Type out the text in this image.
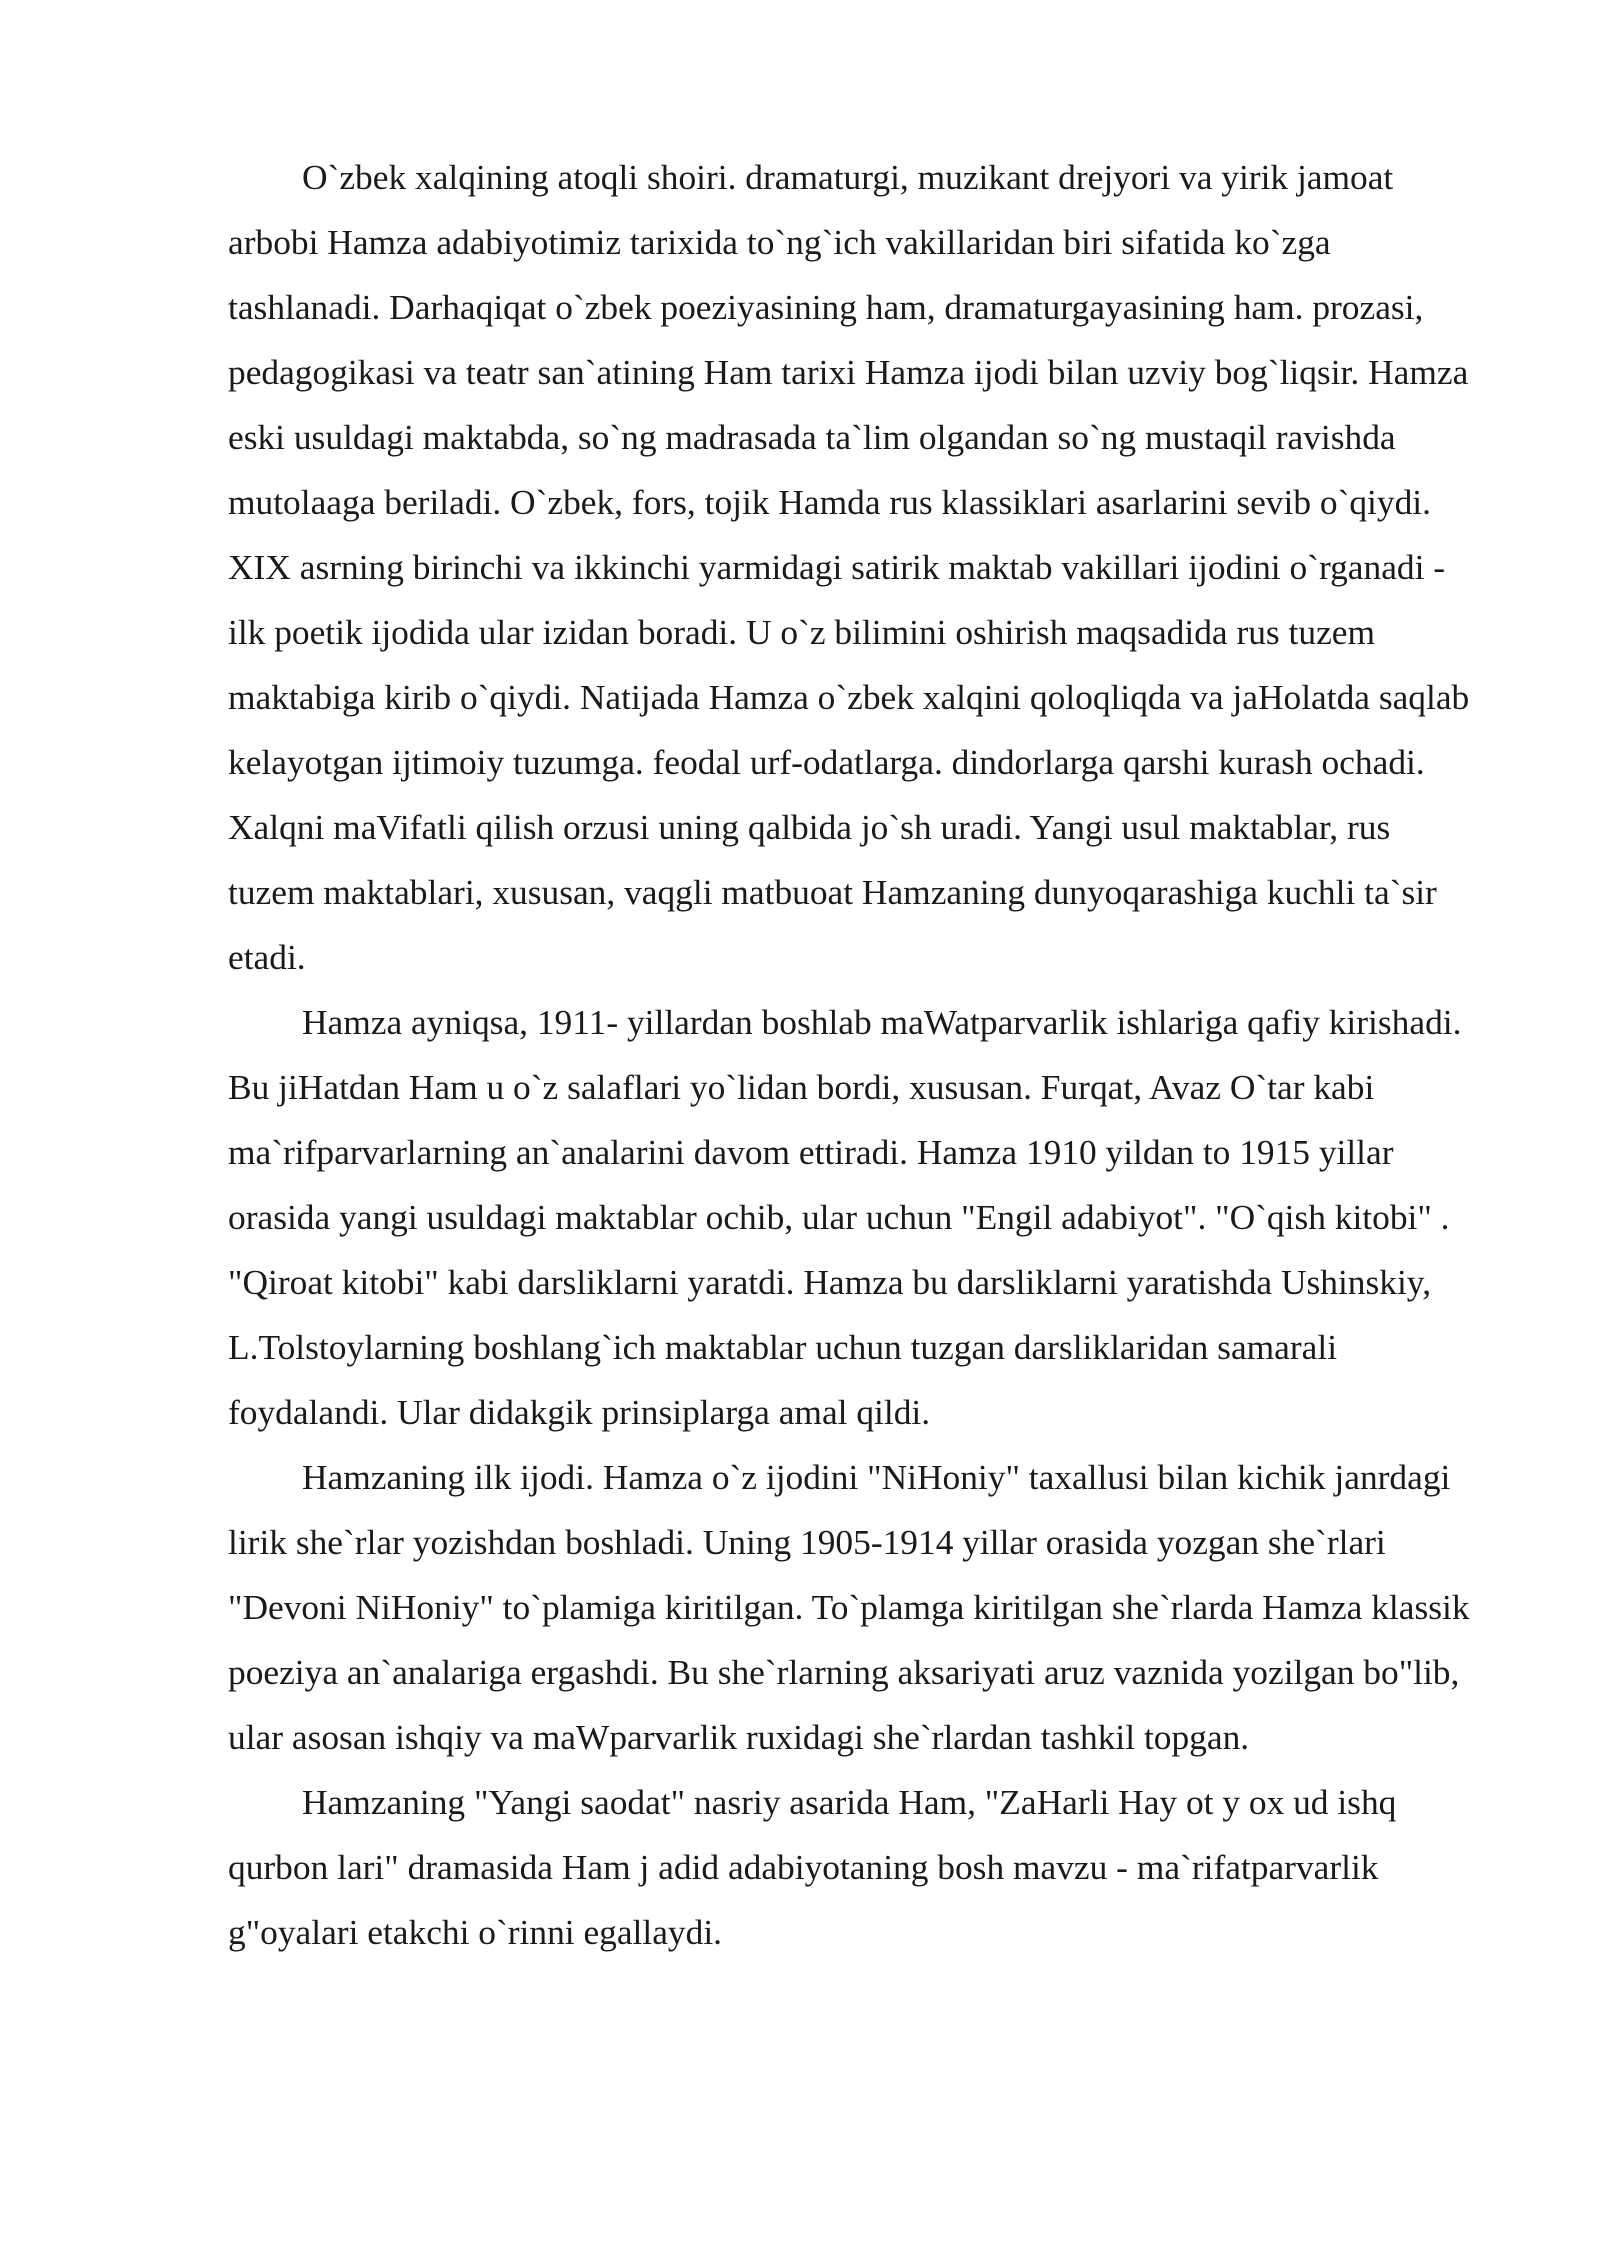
O`zbek xalqining atoqli shoiri. dramaturgi, muzikant drejyori va yirik jamoat arbobi Hamza adabiyotimiz tarixida to`ng`ich vakillaridan biri sifatida ko`zga tashlanadi. Darhaqiqat o`zbek poeziyasining ham, dramaturgayasining ham. prozasi, pedagogikasi va teatr san`atining Ham tarixi Hamza ijodi bilan uzviy bog`liqsir. Hamza eski usuldagi maktabda, so`ng madrasada ta`lim olgandan so`ng mustaqil ravishda mutolaaga beriladi. O`zbek, fors, tojik Hamda rus klassiklari asarlarini sevib o`qiydi. XIX asrning birinchi va ikkinchi yarmidagi satirik maktab vakillari ijodini o`rganadi - ilk poetik ijodida ular izidan boradi. U o`z bilimini oshirish maqsadida rus tuzem maktabiga kirib o`qiydi. Natijada Hamza o`zbek xalqini qoloqliqda va jaHolatda saqlab kelayotgan ijtimoiy tuzumga. feodal urf-odatlarga. dindorlarga qarshi kurash ochadi. Xalqni maVifatli qilish orzusi uning qalbida jo`sh uradi. Yangi usul maktablar, rus tuzem maktablari, xususan, vaqgli matbuoat Hamzaning dunyoqarashiga kuchli ta`sir etadi.

Hamza ayniqsa, 1911- yillardan boshlab maWatparvarlik ishlariga qafiy kirishadi. Bu jiHatdan Ham u o`z salaflari yo`lidan bordi, xususan. Furqat, Avaz O`tar kabi ma`rifparvarlarning an`analarini davom ettiradi. Hamza 1910 yildan to 1915 yillar orasida yangi usuldagi maktablar ochib, ular uchun "Engil adabiyot". "O`qish kitobi" . "Qiroat kitobi" kabi darsliklarni yaratdi. Hamza bu darsliklarni yaratishda Ushinskiy, L.Tolstoylarning boshlang`ich maktablar uchun tuzgan darsliklaridan samarali foydalandi. Ular didakgik prinsiplarga amal qildi.

Hamzaning ilk ijodi. Hamza o`z ijodini "NiHoniy" taxallusi bilan kichik janrdagi lirik she`rlar yozishdan boshladi. Uning 1905-1914 yillar orasida yozgan she`rlari "Devoni NiHoniy" to`plamiga kiritilgan. To`plamga kiritilgan she`rlarda Hamza klassik poeziya an`analariga ergashdi. Bu she`rlarning aksariyati aruz vaznida yozilgan bo"lib, ular asosan ishqiy va maWparvarlik ruxidagi she`rlardan tashkil topgan.

Hamzaning "Yangi saodat" nasriy asarida Ham, "ZaHarli Hay ot y ox ud ishq qurbon lari" dramasida Ham j adid adabiyotaning bosh mavzu - ma`rifatparvarlik g"oyalari etakchi o`rinni egallaydi.
